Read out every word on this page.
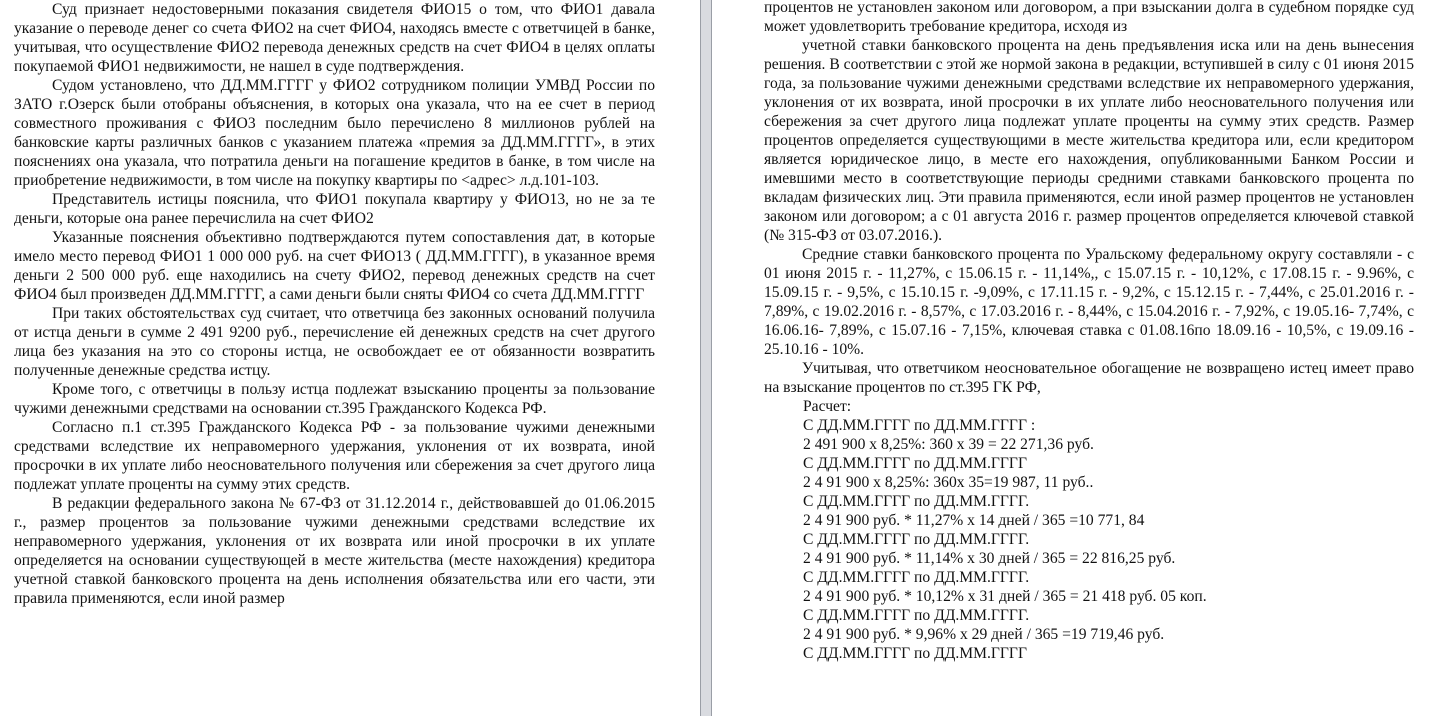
Суд признает недостоверными показания свидетеля ФИО15 о том, что ФИО1 давала указание о переводе денег со счета ФИО2 на счет ФИО4, находясь вместе с ответчицей в банке, учитывая, что осуществление ФИО2 перевода денежных средств на счет ФИО4 в целях оплаты покупаемой ФИО1 недвижимости, не нашел в суде подтверждения.

Судом установлено, что ДД.ММ.ГГГГ у ФИО2 сотрудником полиции УМВД России по ЗАТО г.Озерск были отобраны объяснения, в которых она указала, что на ее счет в период совместного проживания с ФИО3 последним было перечислено 8 миллионов рублей на банковские карты различных банков с указанием платежа «премия за ДД.ММ.ГГГГ», в этих пояснениях она указала, что потратила деньги на погашение кредитов в банке, в том числе на приобретение недвижимости, в том числе на покупку квартиры по <адрес> л.д.101-103.

Представитель истицы пояснила, что ФИО1 покупала квартиру у ФИО13, но не за те деньги, которые она ранее перечислила на счет ФИО2

Указанные пояснения объективно подтверждаются путем сопоставления дат, в которые имело место перевод ФИО1 1 000 000 руб. на счет ФИО13 ( ДД.ММ.ГГГГ), в указанное время деньги 2 500 000 руб. еще находились на счету ФИО2, перевод денежных средств на счет ФИО4 был произведен ДД.ММ.ГГГГ, а сами деньги были сняты ФИО4 со счета ДД.ММ.ГГГГ

При таких обстоятельствах суд считает, что ответчица без законных оснований получила от истца деньги в сумме 2 491 9200 руб., перечисление ей денежных средств на счет другого лица без указания на это со стороны истца, не освобождает ее от обязанности возвратить полученные денежные средства истцу.

Кроме того, с ответчицы в пользу истца подлежат взысканию проценты за пользование чужими денежными средствами на основании ст.395 Гражданского Кодекса РФ.

Согласно п.1 ст.395 Гражданского Кодекса РФ - за пользование чужими денежными средствами вследствие их неправомерного удержания, уклонения от их возврата, иной просрочки в их уплате либо неосновательного получения или сбережения за счет другого лица подлежат уплате проценты на сумму этих средств.

В редакции федерального закона № 67-ФЗ от 31.12.2014 г., действовавшей до 01.06.2015 г., размер процентов за пользование чужими денежными средствами вследствие их неправомерного удержания, уклонения от их возврата или иной просрочки в их уплате определяется на основании существующей в месте жительства (месте нахождения) кредитора учетной ставкой банковского процента на день исполнения обязательства или его части, эти правила применяются, если иной размер

процентов не установлен законом или договором, а при взыскании долга в судебном порядке суд может удовлетворить требование кредитора, исходя из

учетной ставки банковского процента на день предъявления иска или на день вынесения решения. В соответствии с этой же нормой закона в редакции, вступившей в силу с 01 июня 2015 года, за пользование чужими денежными средствами вследствие их неправомерного удержания, уклонения от их возврата, иной просрочки в их уплате либо неосновательного получения или сбережения за счет другого лица подлежат уплате проценты на сумму этих средств. Размер процентов определяется существующими в месте жительства кредитора или, если кредитором является юридическое лицо, в месте его нахождения, опубликованными Банком России и имевшими место в соответствующие периоды средними ставками банковского процента по вкладам физических лиц. Эти правила применяются, если иной размер процентов не установлен законом или договором; а с 01 августа 2016 г. размер процентов определяется ключевой ставкой (№ 315-ФЗ от 03.07.2016.).

Средние ставки банковского процента по Уральскому федеральному округу составляли - с 01 июня 2015 г. - 11,27%, с 15.06.15 г. - 11,14%,, с 15.07.15 г. - 10,12%, с 17.08.15 г. - 9.96%, с 15.09.15 г. - 9,5%, с 15.10.15 г. -9,09%, с 17.11.15 г. - 9,2%, с 15.12.15 г. - 7,44%, с 25.01.2016 г. - 7,89%, с 19.02.2016 г. - 8,57%, с 17.03.2016 г. - 8,44%, с 15.04.2016 г. - 7,92%, с 19.05.16- 7,74%, с 16.06.16- 7,89%, с 15.07.16 - 7,15%, ключевая ставка с 01.08.16по 18.09.16 - 10,5%, с 19.09.16 - 25.10.16 - 10%.

Учитывая, что ответчиком неосновательное обогащение не возвращено истец имеет право на взыскание процентов по ст.395 ГК РФ,

Расчет:

С ДД.ММ.ГГГГ по ДД.ММ.ГГГГ :

2 491 900 х 8,25%: 360 х 39 = 22 271,36 руб.

С ДД.ММ.ГГГГ по ДД.ММ.ГГГГ

2 4 91 900 х 8,25%: 360х 35=19 987, 11 руб..

С ДД.ММ.ГГГГ по ДД.ММ.ГГГГ.

2 4 91 900 руб. * 11,27% х 14 дней / 365 =10 771, 84

С ДД.ММ.ГГГГ по ДД.ММ.ГГГГ.

2 4 91 900 руб. * 11,14% х 30 дней / 365 = 22 816,25 руб.

С ДД.ММ.ГГГГ по ДД.ММ.ГГГГ.

2 4 91 900 руб. * 10,12% х 31 дней / 365 = 21 418 руб. 05 коп.

С ДД.ММ.ГГГГ по ДД.ММ.ГГГГ.

2 4 91 900 руб. * 9,96% х 29 дней / 365 =19 719,46 руб.

С ДД.ММ.ГГГГ по ДД.ММ.ГГГГ
